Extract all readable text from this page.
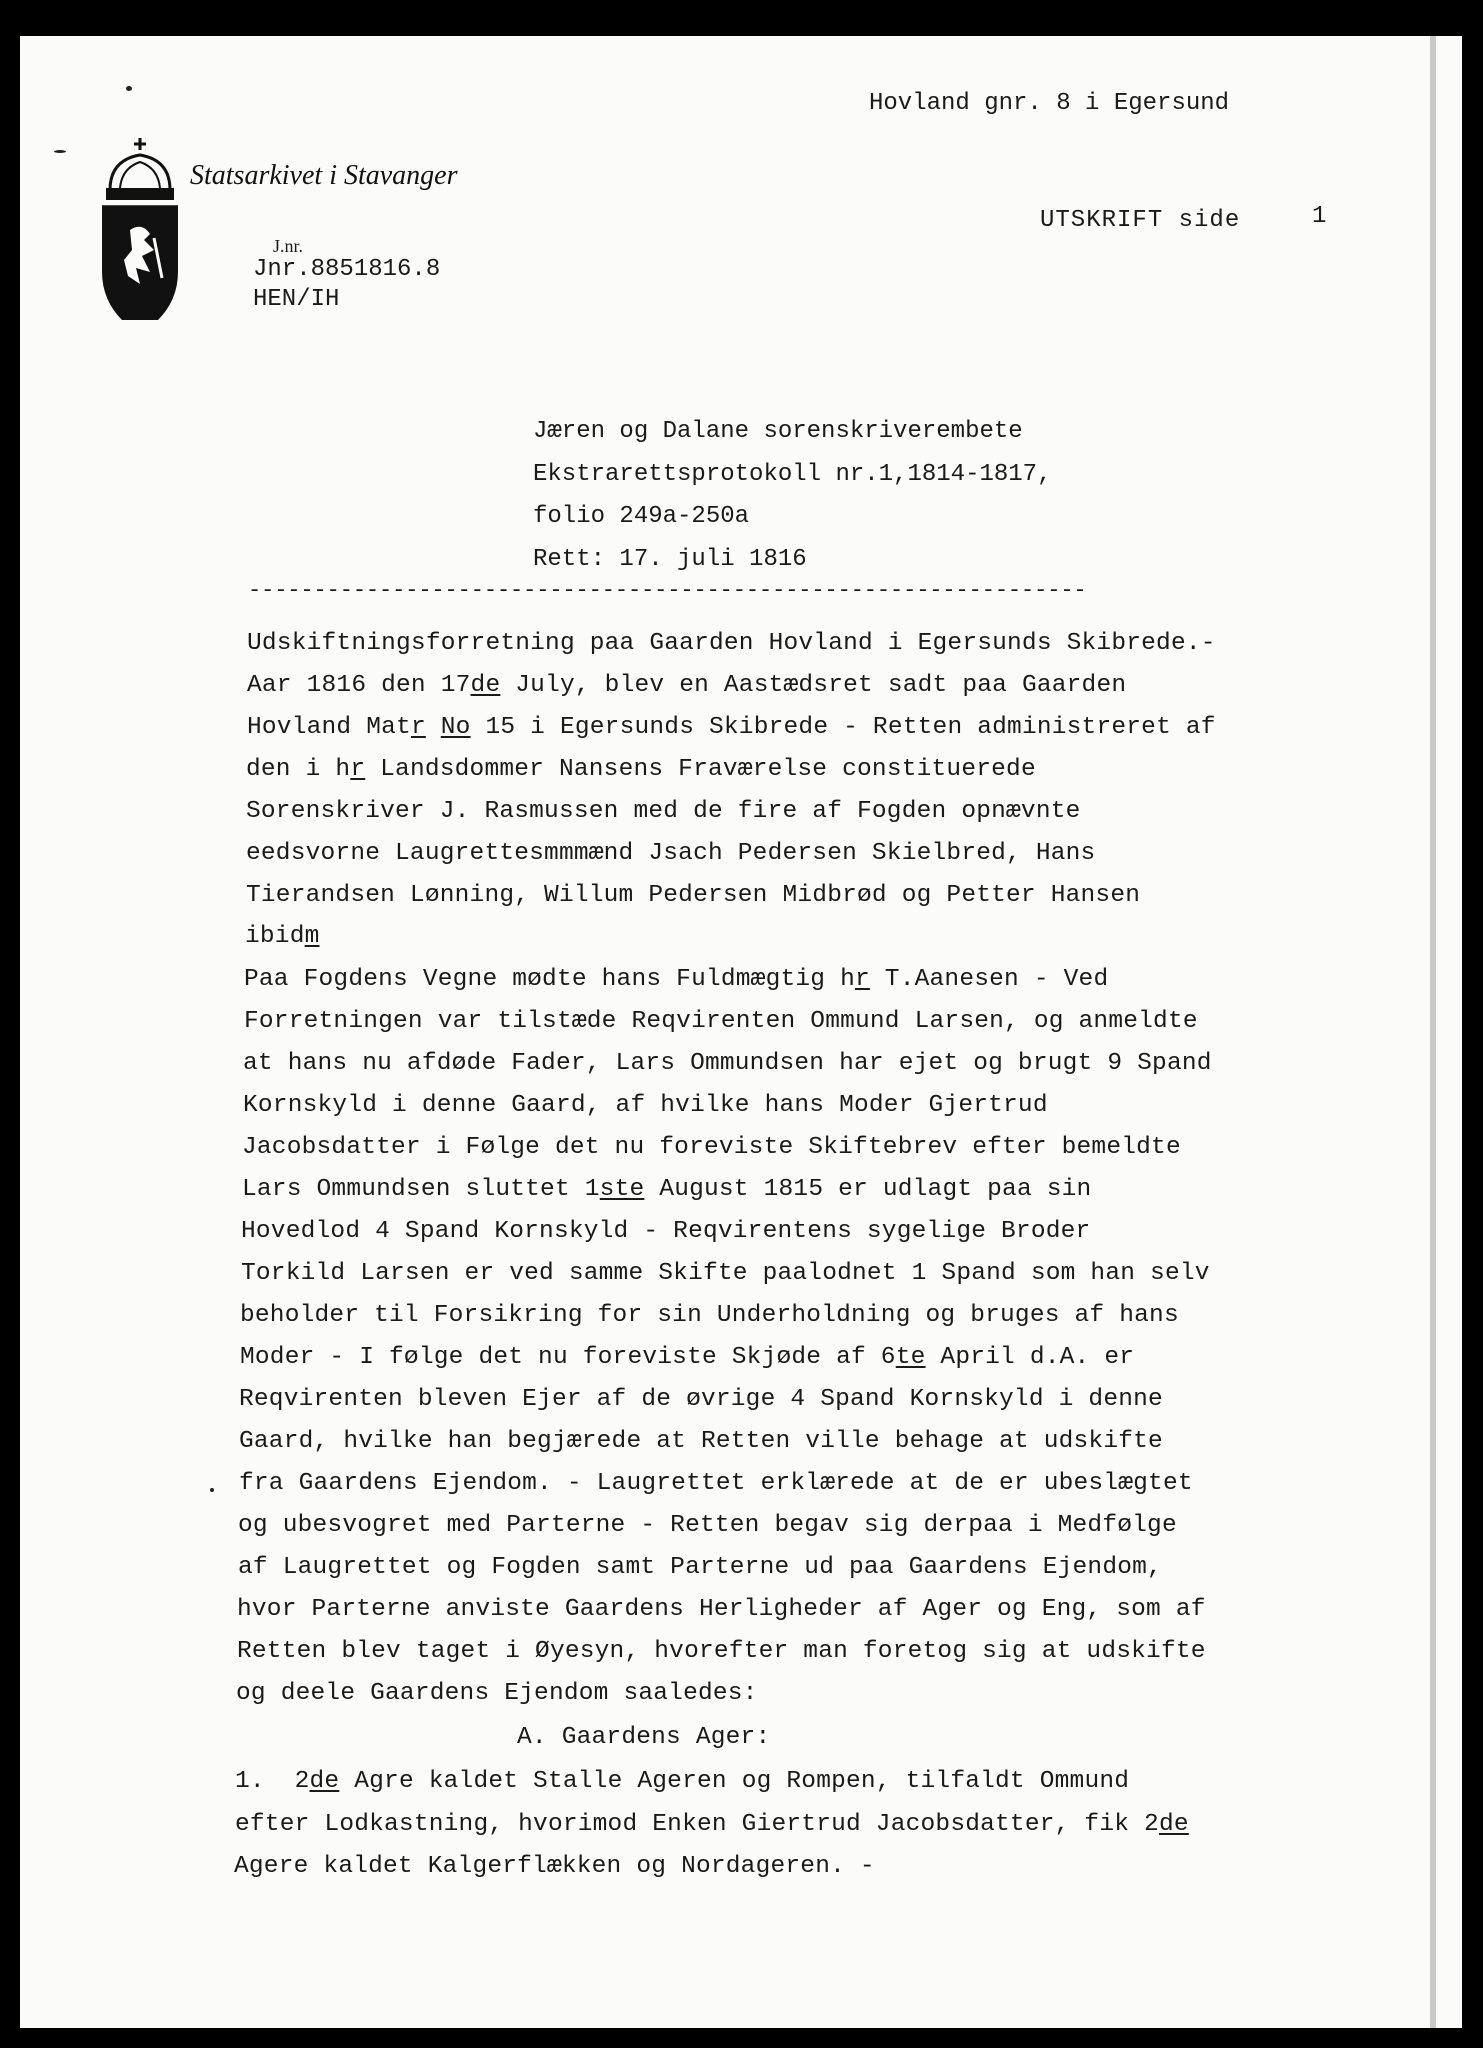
Statsarkivet i Stavanger
Hovland gnr. 8 i Egersund
UTSKRIFT side	1
J.nr.
Jnr.8851816.8
HEN/IH
Jæren og Dalane sorenskriverembete
Ekstrarettsprotokoll nr.1,1814-1817,
folio 249a-250a
Rett: 17. juli 1816
----------------------------------------------------------------
Udskiftningsforretning paa Gaarden Hovland i Egersunds Skibrede.-
Aar 1816 den 17de July, blev en Aastædsret sadt paa Gaarden
Hovland Matr No 15 i Egersunds Skibrede - Retten administreret af
den i hr Landsdommer Nansens Fraværelse constituerede
Sorenskriver J. Rasmussen med de fire af Fogden opnævnte
eedsvorne Laugrettesmmmænd Jsach Pedersen Skielbred, Hans
Tierandsen Lønning, Willum Pedersen Midbrød og Petter Hansen
ibidm
Paa Fogdens Vegne mødte hans Fuldmægtig hr T.Aanesen - Ved
Forretningen var tilstæde Reqvirenten Ommund Larsen, og anmeldte
at hans nu afdøde Fader, Lars Ommundsen har ejet og brugt 9 Spand
Kornskyld i denne Gaard, af hvilke hans Moder Gjertrud
Jacobsdatter i Følge det nu foreviste Skiftebrev efter bemeldte
Lars Ommundsen sluttet 1ste August 1815 er udlagt paa sin
Hovedlod 4 Spand Kornskyld - Reqvirentens sygelige Broder
Torkild Larsen er ved samme Skifte paalodnet 1 Spand som han selv
beholder til Forsikring for sin Underholdning og bruges af hans
Moder - I følge det nu foreviste Skjøde af 6te April d.A. er
Reqvirenten bleven Ejer af de øvrige 4 Spand Kornskyld i denne
Gaard, hvilke han begjærede at Retten ville behage at udskifte
fra Gaardens Ejendom. - Laugrettet erklærede at de er ubeslægtet
og ubesvogret med Parterne - Retten begav sig derpaa i Medfølge
af Laugrettet og Fogden samt Parterne ud paa Gaardens Ejendom,
hvor Parterne anviste Gaardens Herligheder af Ager og Eng, som af
Retten blev taget i Øyesyn, hvorefter man foretog sig at udskifte
og deele Gaardens Ejendom saaledes:
A. Gaardens Ager:
1.  2de Agre kaldet Stalle Ageren og Rompen, tilfaldt Ommund
efter Lodkastning, hvorimod Enken Giertrud Jacobsdatter, fik 2de
Agere kaldet Kalgerflækken og Nordageren. -
